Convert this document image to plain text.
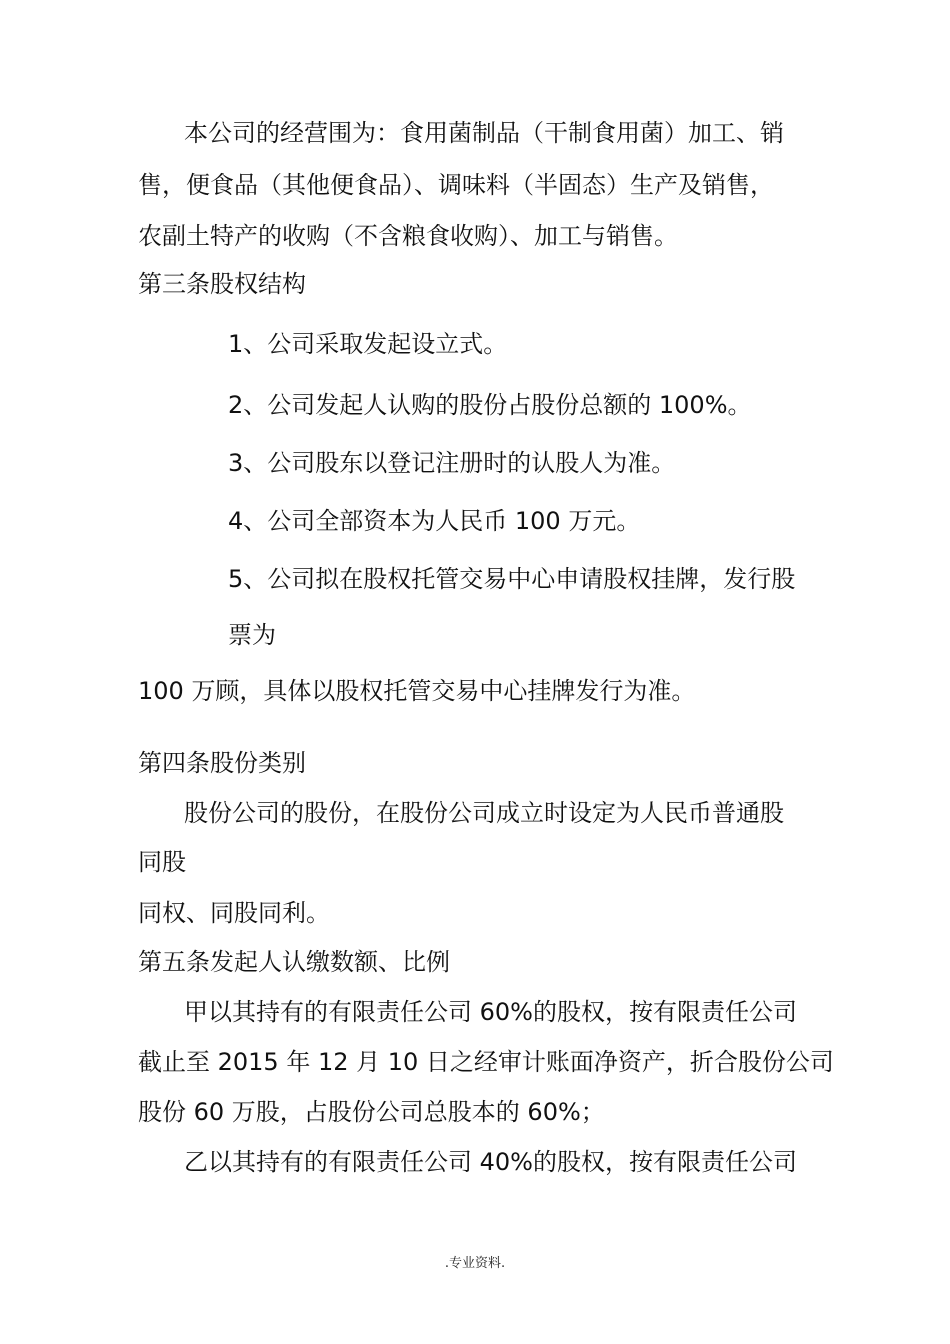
本公司的经营围为：食用菌制品（干制食用菌）加工、销

售，便食品（其他便食品）、调味料（半固态）生产及销售，

农副土特产的收购（不含粮食收购）、加工与销售。

第三条股权结构

1、公司采取发起设立式。

2、公司发起人认购的股份占股份总额的 100%。

3、公司股东以登记注册时的认股人为准。

4、公司全部资本为人民币 100 万元。

5、公司拟在股权托管交易中心申请股权挂牌，发行股

票为

100 万顾，具体以股权托管交易中心挂牌发行为准。

第四条股份类别

股份公司的股份，在股份公司成立时设定为人民币普通股

同股

同权、同股同利。

第五条发起人认缴数额、比例

甲以其持有的有限责任公司 60%的股权，按有限责任公司

截止至 2015 年 12 月 10 日之经审计账面净资产，折合股份公司

股份 60 万股，占股份公司总股本的 60%；

乙以其持有的有限责任公司 40%的股权，按有限责任公司

.专业资料.
